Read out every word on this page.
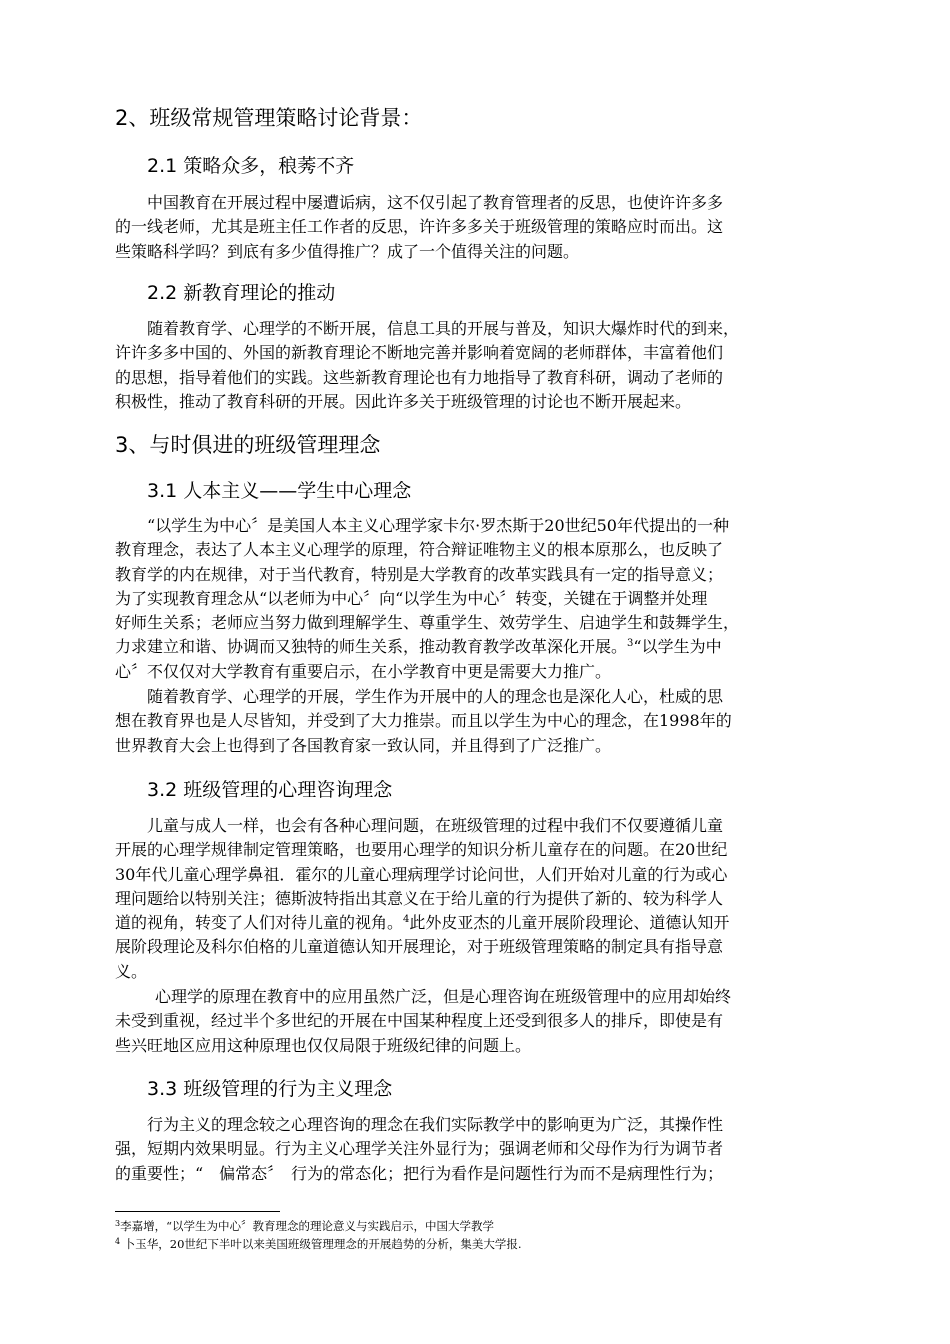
2、班级常规管理策略讨论背景：
2.1 策略众多，稂莠不齐

中国教育在开展过程中屡遭诟病，这不仅引起了教育管理者的反思，也使许许多多
的一线老师，尤其是班主任工作者的反思，许许多多关于班级管理的策略应时而出。这
些策略科学吗？到底有多少值得推广？成了一个值得关注的问题。

2.2 新教育理论的推动

随着教育学、心理学的不断开展，信息工具的开展与普及，知识大爆炸时代的到来，
许许多多中国的、外国的新教育理论不断地完善并影响着宽阔的老师群体，丰富着他们
的思想，指导着他们的实践。这些新教育理论也有力地指导了教育科研，调动了老师的
积极性，推动了教育科研的开展。因此许多关于班级管理的讨论也不断开展起来。

3、与时俱进的班级管理理念
3.1 人本主义——学生中心理念

“以学生为中心〞是美国人本主义心理学家卡尔·罗杰斯于20世纪50年代提出的一种
教育理念，表达了人本主义心理学的原理，符合辩证唯物主义的根本原那么，也反映了
教育学的内在规律，对于当代教育，特别是大学教育的改革实践具有一定的指导意义；
为了实现教育理念从“以老师为中心〞向“以学生为中心〞转变，关键在于调整并处理
好师生关系；老师应当努力做到理解学生、尊重学生、效劳学生、启迪学生和鼓舞学生，
力求建立和谐、协调而又独特的师生关系，推动教育教学改革深化开展。$^3$“以学生为中
心〞不仅仅对大学教育有重要启示，在小学教育中更是需要大力推广。

随着教育学、心理学的开展，学生作为开展中的人的理念也是深化人心，杜威的思
想在教育界也是人尽皆知，并受到了大力推崇。而且以学生为中心的理念，在1998年的
世界教育大会上也得到了各国教育家一致认同，并且得到了广泛推广。

3.2 班级管理的心理咨询理念

儿童与成人一样，也会有各种心理问题，在班级管理的过程中我们不仅要遵循儿童
开展的心理学规律制定管理策略，也要用心理学的知识分析儿童存在的问题。在20世纪
30年代儿童心理学鼻祖．霍尔的儿童心理病理学讨论问世，人们开始对儿童的行为或心
理问题给以特别关注；德斯波特指出其意义在于给儿童的行为提供了新的、较为科学人
道的视角，转变了人们对待儿童的视角。$^4$此外皮亚杰的儿童开展阶段理论、道德认知开
展阶段理论及科尔伯格的儿童道德认知开展理论，对于班级管理策略的制定具有指导意
义。

心理学的原理在教育中的应用虽然广泛，但是心理咨询在班级管理中的应用却始终
未受到重视，经过半个多世纪的开展在中国某种程度上还受到很多人的排斥，即使是有
些兴旺地区应用这种原理也仅仅局限于班级纪律的问题上。

3.3 班级管理的行为主义理念

行为主义的理念较之心理咨询的理念在我们实际教学中的影响更为广泛，其操作性
强，短期内效果明显。行为主义心理学关注外显行为；强调老师和父母作为行为调节者
的重要性；“　偏常态〞　行为的常态化；把行为看作是问题性行为而不是病理性行为；

$^3$李嘉增，“以学生为中心〞教育理念的理论意义与实践启示，中国大学教学

$^4$ 卜玉华，20世纪下半叶以来美国班级管理理念的开展趋势的分析，集美大学报.
